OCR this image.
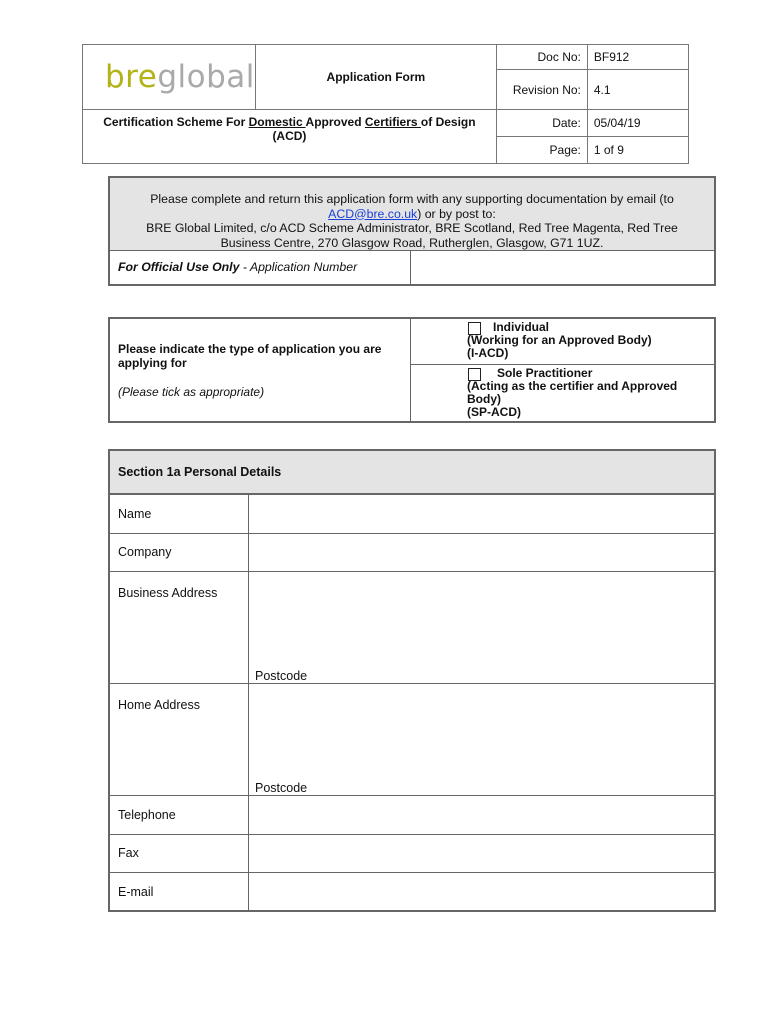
bre global	Application Form	Doc No:	BF912
		Revision No:	4.1
Certification Scheme For Domestic Approved Certifiers of Design (ACD)		Date:	05/04/19
		Page:	1 of 9
Please complete and return this application form with any supporting documentation by email (to
ACD@bre.co.uk) or by post to:
BRE Global Limited, c/o ACD Scheme Administrator, BRE Scotland, Red Tree Magenta, Red Tree
Business Centre, 270 Glasgow Road, Rutherglen, Glasgow, G71 1UZ.

For Official Use Only - Application Number	
Please indicate the type of application you are applying for
(Please tick as appropriate)

Individual
(Working for an Approved Body)
(I-ACD)
Sole Practitioner
(Acting as the certifier and Approved Body)
(SP-ACD)
Section 1a Personal Details	
Name	
Company	
Business Address	Postcode

Home Address	Postcode

Telephone	
Fax	
E-mail	
